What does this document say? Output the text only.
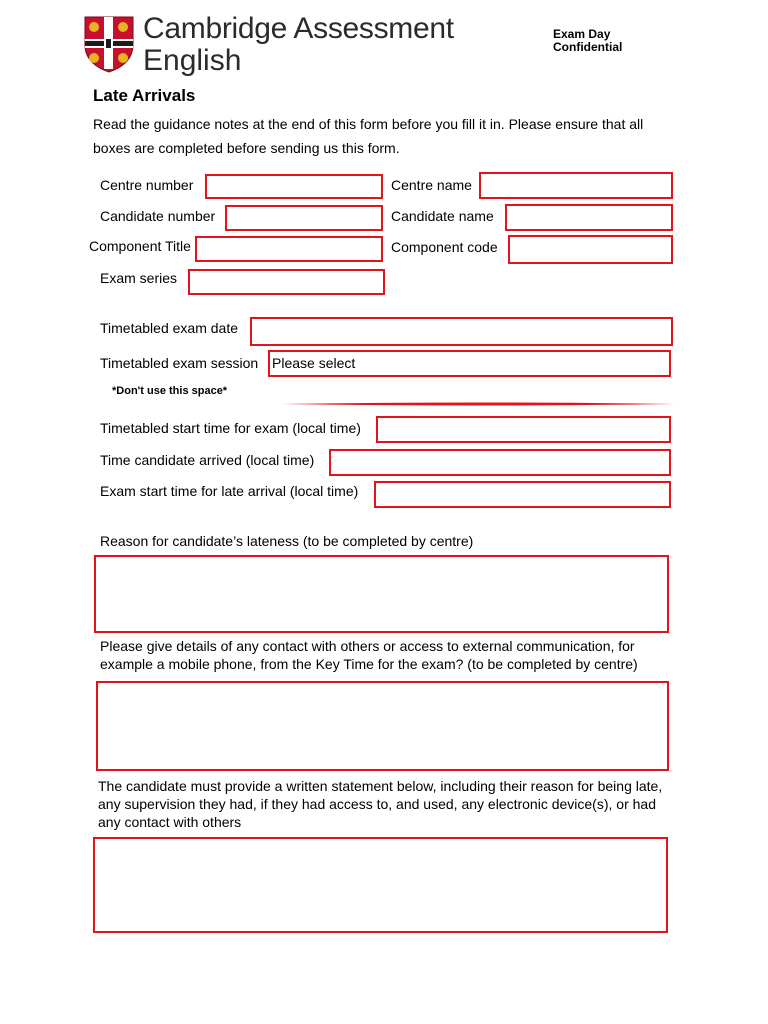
Cambridge Assessment
English
Exam Day
Confidential
Late Arrivals
Read the guidance notes at the end of this form before you fill it in. Please ensure that all boxes are completed before sending us this form.
Centre number	Centre name
Candidate number	Candidate name
Component Title	Component code
Exam series
Timetabled exam date
Timetabled exam session Please select
*Don't use this space*
Timetabled start time for exam (local time)
Time candidate arrived (local time)
Exam start time for late arrival (local time)
Reason for candidate’s lateness (to be completed by centre)
Please give details of any contact with others or access to external communication, for example a mobile phone, from the Key Time for the exam? (to be completed by centre)
The candidate must provide a written statement below, including their reason for being late, any supervision they had, if they had access to, and used, any electronic device(s), or had any contact with others
